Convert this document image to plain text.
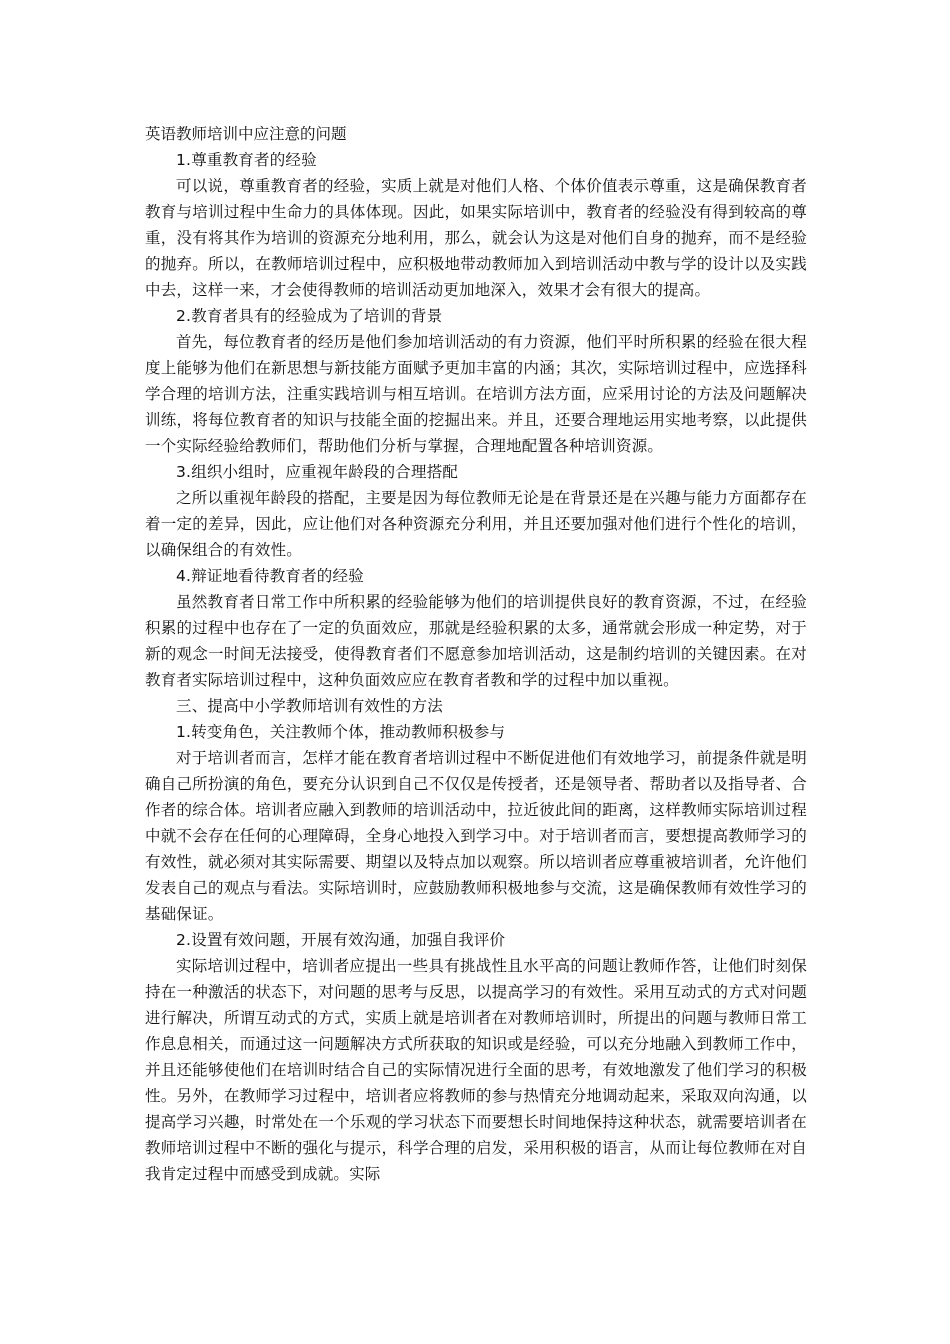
英语教师培训中应注意的问题

1.尊重教育者的经验

可以说，尊重教育者的经验，实质上就是对他们人格、个体价值表示尊重，这是确保教育者教育与培训过程中生命力的具体体现。因此，如果实际培训中，教育者的经验没有得到较高的尊重，没有将其作为培训的资源充分地利用，那么，就会认为这是对他们自身的抛弃，而不是经验的抛弃。所以，在教师培训过程中，应积极地带动教师加入到培训活动中教与学的设计以及实践中去，这样一来，才会使得教师的培训活动更加地深入，效果才会有很大的提高。

2.教育者具有的经验成为了培训的背景

首先，每位教育者的经历是他们参加培训活动的有力资源，他们平时所积累的经验在很大程度上能够为他们在新思想与新技能方面赋予更加丰富的内涵；其次，实际培训过程中，应选择科学合理的培训方法，注重实践培训与相互培训。在培训方法方面，应采用讨论的方法及问题解决训练，将每位教育者的知识与技能全面的挖掘出来。并且，还要合理地运用实地考察，以此提供一个实际经验给教师们，帮助他们分析与掌握，合理地配置各种培训资源。

3.组织小组时，应重视年龄段的合理搭配

之所以重视年龄段的搭配，主要是因为每位教师无论是在背景还是在兴趣与能力方面都存在着一定的差异，因此，应让他们对各种资源充分利用，并且还要加强对他们进行个性化的培训，以确保组合的有效性。

4.辩证地看待教育者的经验

虽然教育者日常工作中所积累的经验能够为他们的培训提供良好的教育资源，不过，在经验积累的过程中也存在了一定的负面效应，那就是经验积累的太多，通常就会形成一种定势，对于新的观念一时间无法接受，使得教育者们不愿意参加培训活动，这是制约培训的关键因素。在对教育者实际培训过程中，这种负面效应应在教育者教和学的过程中加以重视。

三、提高中小学教师培训有效性的方法

1.转变角色，关注教师个体，推动教师积极参与

对于培训者而言，怎样才能在教育者培训过程中不断促进他们有效地学习，前提条件就是明确自己所扮演的角色，要充分认识到自己不仅仅是传授者，还是领导者、帮助者以及指导者、合作者的综合体。培训者应融入到教师的培训活动中，拉近彼此间的距离，这样教师实际培训过程中就不会存在任何的心理障碍，全身心地投入到学习中。对于培训者而言，要想提高教师学习的有效性，就必须对其实际需要、期望以及特点加以观察。所以培训者应尊重被培训者，允许他们发表自己的观点与看法。实际培训时，应鼓励教师积极地参与交流，这是确保教师有效性学习的基础保证。

2.设置有效问题，开展有效沟通，加强自我评价

实际培训过程中，培训者应提出一些具有挑战性且水平高的问题让教师作答，让他们时刻保持在一种激活的状态下，对问题的思考与反思，以提高学习的有效性。采用互动式的方式对问题进行解决，所谓互动式的方式，实质上就是培训者在对教师培训时，所提出的问题与教师日常工作息息相关，而通过这一问题解决方式所获取的知识或是经验，可以充分地融入到教师工作中，并且还能够使他们在培训时结合自己的实际情况进行全面的思考，有效地激发了他们学习的积极性。另外，在教师学习过程中，培训者应将教师的参与热情充分地调动起来，采取双向沟通，以提高学习兴趣，时常处在一个乐观的学习状态下而要想长时间地保持这种状态，就需要培训者在教师培训过程中不断的强化与提示，科学合理的启发，采用积极的语言，从而让每位教师在对自我肯定过程中而感受到成就。实际
